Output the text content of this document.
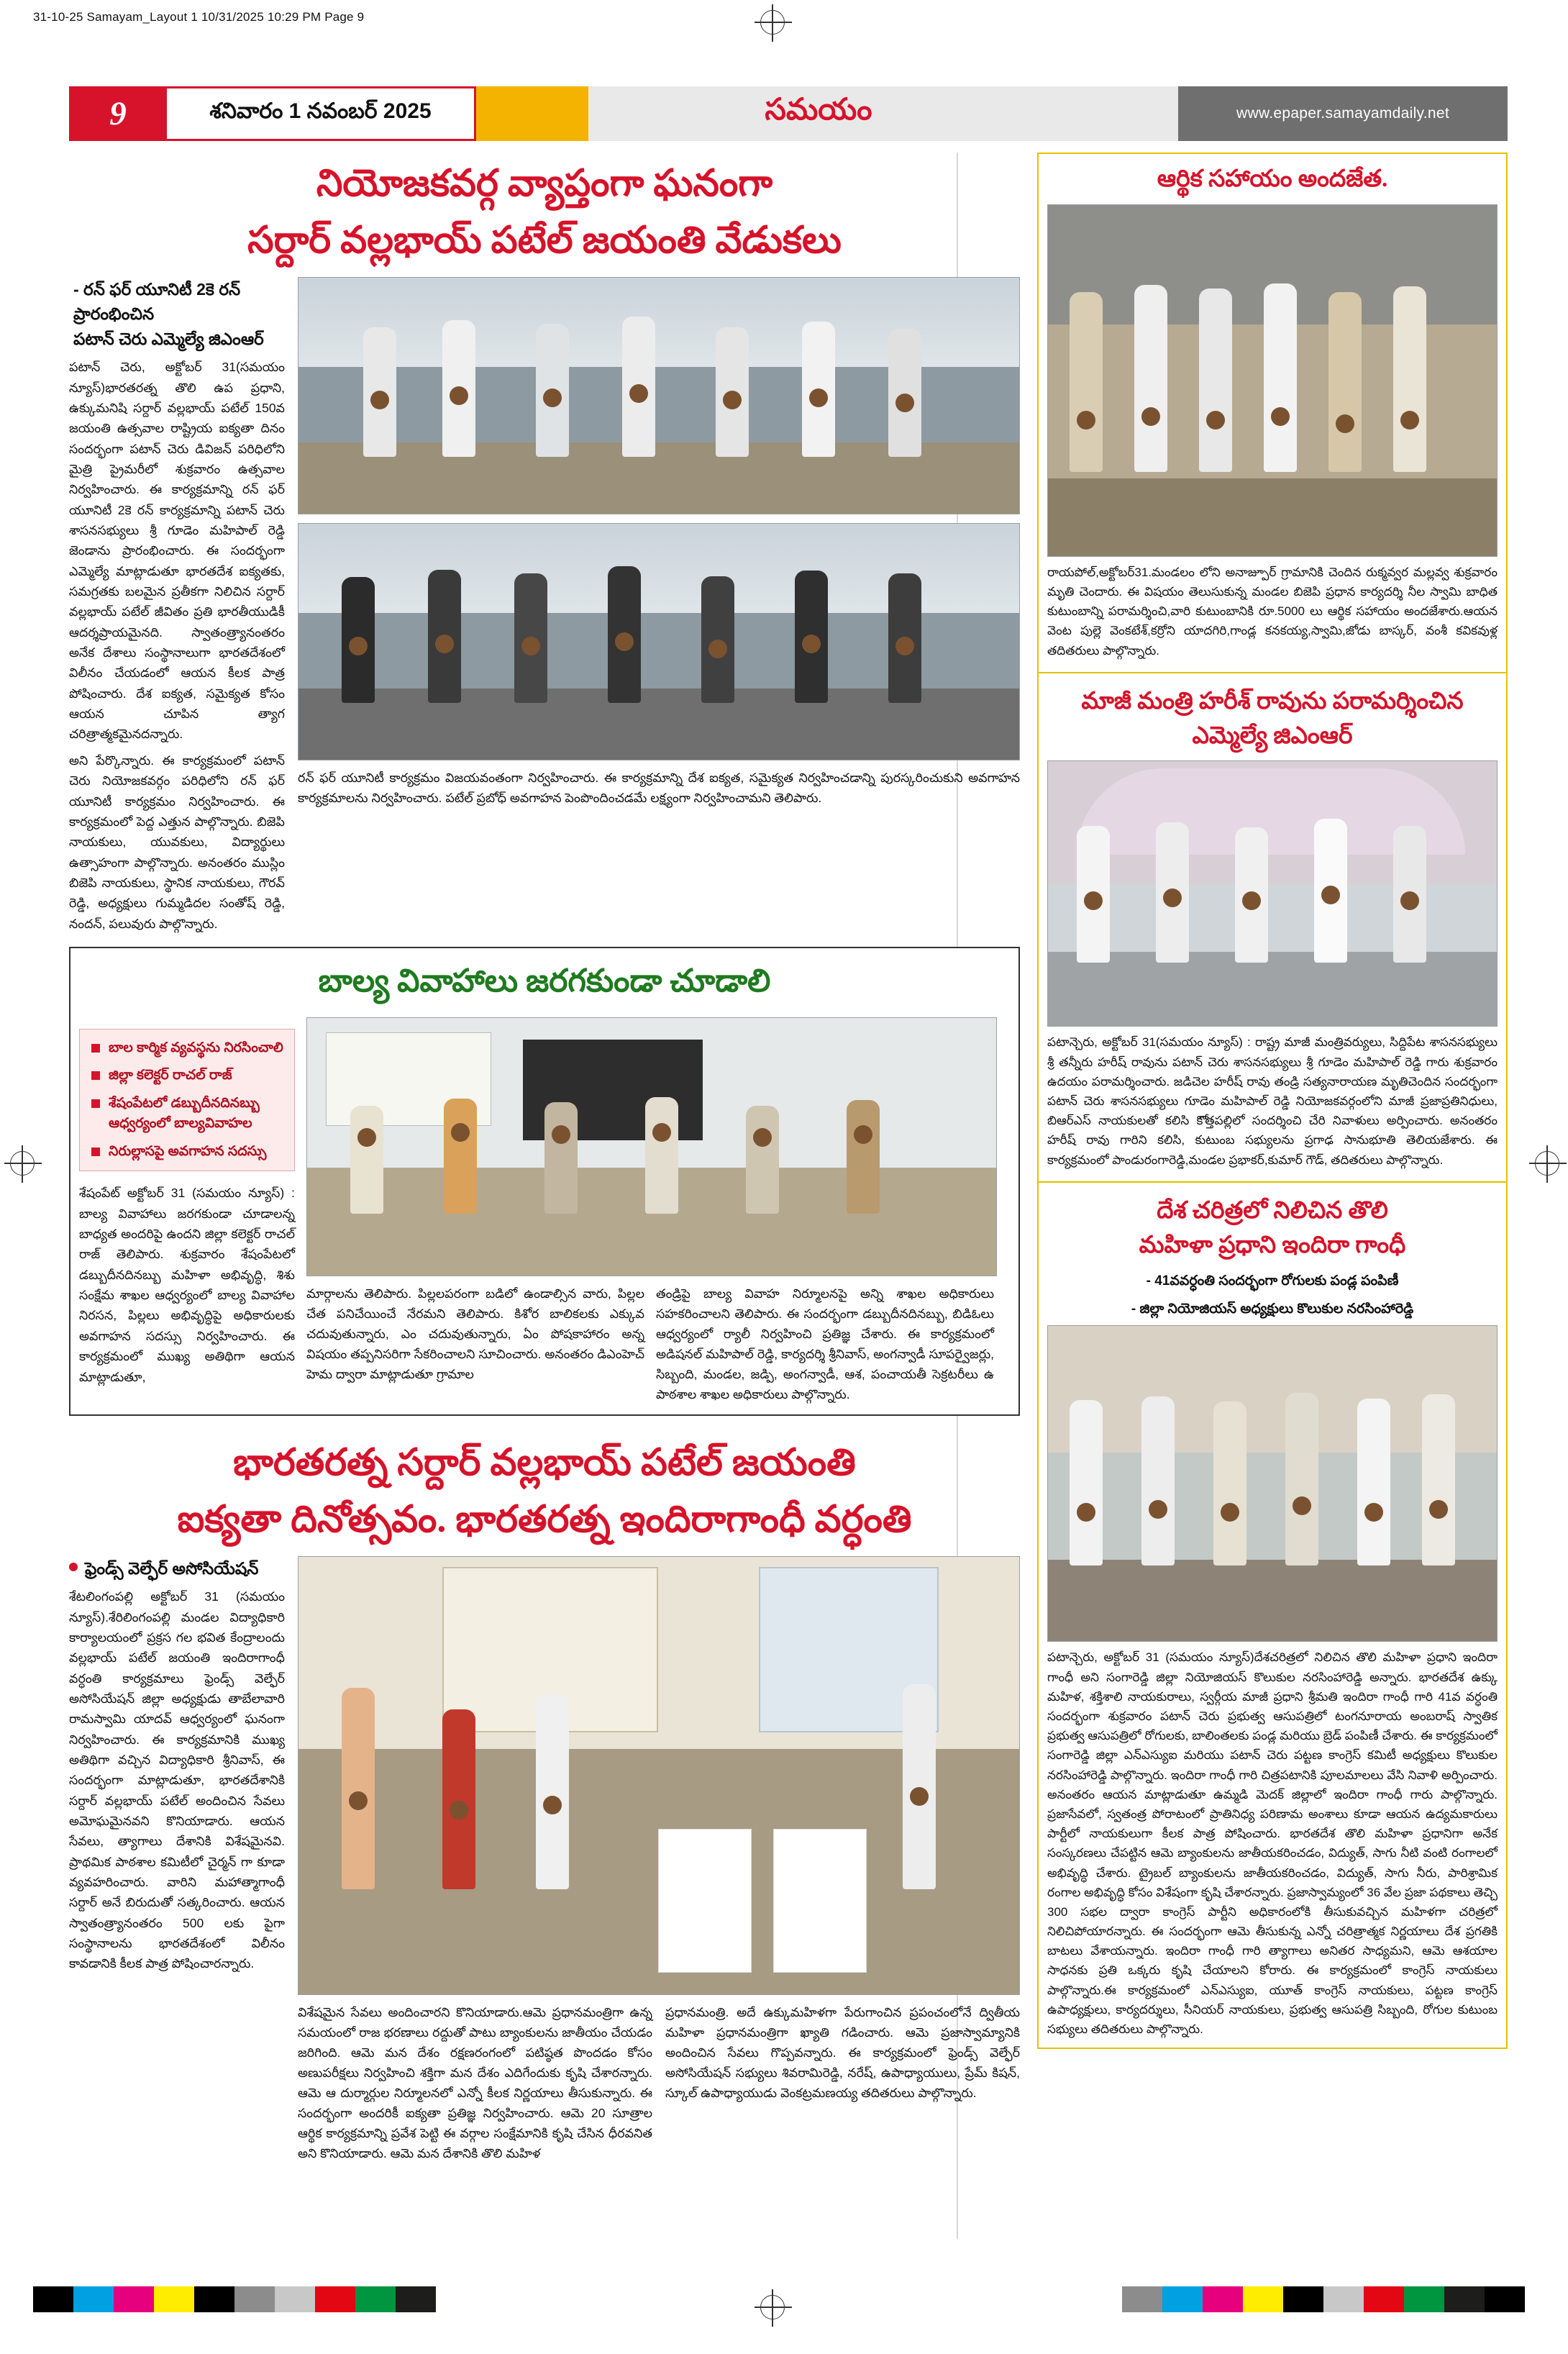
31-10-25 Samayam_Layout 1 10/31/2025 10:29 PM Page 9
9	శనివారం 1 నవంబర్ 2025	సమయం	www.epaper.samayamdaily.net
నియోజకవర్గ వ్యాప్తంగా ఘనంగా
సర్దార్ వల్లభాయ్ పటేల్ జయంతి వేడుకలు
- రన్ ఫర్ యూనిటీ 2కె రన్ ప్రారంభించిన
పటాన్ చెరు ఎమ్మెల్యే జిఎంఆర్
పటాన్ చెరు, అక్టోబర్ 31(సమయం న్యూస్)భారతరత్న తొలి ఉప ప్రధాని, ఉక్కుమనిషి సర్దార్ వల్లభాయ్ పటేల్ 150వ జయంతి ఉత్సవాల రాష్ట్రియ ఐక్యతా దినం సందర్భంగా పటాన్ చెరు డివిజన్ పరిధిలోని మైత్రి ప్రైమరీలో శుక్రవారం ఉత్సవాల నిర్వహించారు. ఈ కార్యక్రమాన్ని రన్ ఫర్ యూనిటీ 2కె రన్ కార్యక్రమాన్ని పటాన్ చెరు శాసనసభ్యులు శ్రీ గూడెం మహిపాల్ రెడ్డి జెండాను ప్రారంభించారు. ఈ సందర్భంగా ఎమ్మెల్యే మాట్లాడుతూ భారతదేశ ఐక్యతకు, సమగ్రతకు బలమైన ప్రతీకగా నిలిచిన సర్దార్ వల్లభాయ్ పటేల్ జీవితం ప్రతి భారతీయుడికీ ఆదర్శప్రాయమైనది. స్వాతంత్ర్యానంతరం అనేక దేశాలు సంస్థానాలుగా భారతదేశంలో విలీనం చేయడంలో ఆయన కీలక పాత్ర పోషించారు. దేశ ఐక్యత, సమైక్యత కోసం ఆయన చూపిన త్యాగ చరిత్రాత్మకమైనదన్నారు.
అని పేర్కొన్నారు. ఈ కార్యక్రమంలో పటాన్ చెరు నియోజకవర్గం పరిధిలోని రన్ ఫర్ యూనిటీ కార్యక్రమం నిర్వహించారు. ఈ కార్యక్రమంలో పెద్ద ఎత్తున పాల్గొన్నారు. బిజెపి నాయకులు, యువకులు, విద్యార్థులు ఉత్సాహంగా పాల్గొన్నారు. అనంతరం ముస్లిం బిజెపి నాయకులు, స్థానిక నాయకులు, గౌరవ్ రెడ్డి, అధ్యక్షులు గుమ్మడిదల సంతోష్ రెడ్డి, నందన్, పలువురు పాల్గొన్నారు.
రన్ ఫర్ యూనిటీ కార్యక్రమం విజయవంతంగా నిర్వహించారు. ఈ కార్యక్రమాన్ని దేశ ఐక్యత, సమైక్యత నిర్వహించడాన్ని పురస్కరించుకుని అవగాహన కార్యక్రమాలను నిర్వహించారు. పటేల్ ప్రబోధ్ అవగాహన పెంపొందించడమే లక్ష్యంగా నిర్వహించామని తెలిపారు.
బాల్య వివాహాలు జరగకుండా చూడాలి
బాల కార్మిక వ్యవస్థను నిరసించాలి
జిల్లా కలెక్టర్ రాచల్ రాజ్
శేషంపేటలో డబ్బుదీనదినబ్బు ఆధ్వర్యంలో బాల్యవివాహల
నిరుల్లాసపై అవగాహన సదస్సు
శేషంపేట్ అక్టోబర్ 31 (సమయం న్యూస్) : బాల్య వివాహాలు జరగకుండా చూడాలన్న బాధ్యత అందరిపై ఉందని జిల్లా కలెక్టర్ రాచల్ రాజ్ తెలిపారు. శుక్రవారం శేషంపేటలో డబ్బుదీనదినబ్బు మహిళా అభివృద్ధి, శిశు సంక్షేమ శాఖల ఆధ్వర్యంలో బాల్య వివాహాల నిరసన, పిల్లలు అభివృద్ధిపై అధికారులకు అవగాహన సదస్సు నిర్వహించారు. ఈ కార్యక్రమంలో ముఖ్య అతిథిగా ఆయన మాట్లాడుతూ,
మార్గాలను తెలిపారు. పిల్లలపరంగా బడిలో ఉండాల్సిన వారు, పిల్లల చేత పనిచేయించే నేరమని తెలిపారు. కిశోర బాలికలకు ఎక్కువ చదువుతున్నారు, ఎం చదువుతున్నారు, ఏం పోషకాహారం అన్న విషయం తప్పనిసరిగా సేకరించాలని సూచించారు. అనంతరం డిఎంహెచ్ హెమ ద్వారా మాట్లాడుతూ గ్రామాల
తండ్రిపై బాల్య వివాహ నిర్మూలనపై అన్ని శాఖల అధికారులు సహకరించాలని తెలిపారు. ఈ సందర్భంగా డబ్బుదీనదినబ్బు, బిడిఓలు ఆధ్వర్యంలో ర్యాలీ నిర్వహించి ప్రతిజ్ఞ చేశారు. ఈ కార్యక్రమంలో అడిషనల్ మహిపాల్ రెడ్డి, కార్యదర్శి శ్రీనివాస్, అంగన్వాడీ సూపర్వైజర్లు, సిబ్బంది, మండల, జడ్పి, అంగన్వాడీ, ఆశ, పంచాయతీ సెక్రటరీలు ఉ పాఠశాల శాఖల అధికారులు పాల్గొన్నారు.
భారతరత్న సర్దార్ వల్లభాయ్ పటేల్ జయంతి
ఐక్యతా దినోత్సవం. భారతరత్న ఇందిరాగాంధీ వర్ధంతి
ఫ్రెండ్స్ వెల్ఫేర్ అసోసియేషన్
శేటలింగంపల్లి అక్టోబర్ 31 (సమయం న్యూస్).శేరిలింగంపల్లి మండల విద్యాధికారి కార్యాలయంలో ప్రక్రస గల భవిత కేంద్రాలందు వల్లభాయ్ పటేల్ జయంతి ఇందిరాగాంధీ వర్ధంతి కార్యక్రమాలు ఫ్రెండ్స్ వెల్ఫేర్ అసోసియేషన్ జిల్లా అధ్యక్షుడు తాబేలావారి రామస్వామి యాదవ్ ఆధ్వర్యంలో ఘనంగా నిర్వహించారు. ఈ కార్యక్రమానికి ముఖ్య అతిథిగా వచ్చిన విద్యాధికారి శ్రీనివాస్, ఈ సందర్భంగా మాట్లాడుతూ, భారతదేశానికి సర్దార్ వల్లభాయ్ పటేల్ అందించిన సేవలు అమోఘమైనవని కొనియాడారు. ఆయన సేవలు, త్యాగాలు దేశానికి విశేషమైనవి. ప్రాథమిక పాఠశాల కమిటీలో చైర్మన్ గా కూడా వ్యవహరించారు. వారిని మహాత్మాగాంధీ సర్దార్ అనే బిరుదుతో సత్కరించారు. ఆయన స్వాతంత్ర్యానంతరం 500 లకు పైగా సంస్థానాలను భారతదేశంలో విలీనం కావడానికి కీలక పాత్ర పోషించారన్నారు.
విశేషమైన సేవలు అందించారని కొనియాడారు.ఆమె ప్రధానమంత్రిగా ఉన్న సమయంలో రాజ భరణాలు రద్దుతో పాటు బ్యాంకులను జాతీయం చేయడం జరిగింది. ఆమె మన దేశం రక్షణరంగంలో పటిష్ఠత పొందడం కోసం అణుపరీక్షలు నిర్వహించి శక్తిగా మన దేశం ఎదిగేందుకు కృషి చేశారన్నారు. ఆమె ఆ దుర్మార్గుల నిర్మూలనలో ఎన్నో కీలక నిర్ణయాలు తీసుకున్నారు. ఈ సందర్భంగా అందరికీ ఐక్యతా ప్రతిజ్ఞ నిర్వహించారు. ఆమె 20 సూత్రాల ఆర్థిక కార్యక్రమాన్ని ప్రవేశ పెట్టి ఈ వర్గాల సంక్షేమానికి కృషి చేసిన ధీరవనిత అని కొనియాడారు. ఆమె మన దేశానికి తొలి మహిళ
ప్రధానమంత్రి. అదే ఉక్కుమహిళగా పేరుగాంచిన ప్రపంచంలోనే ద్వితీయ మహిళా ప్రధానమంత్రిగా ఖ్యాతి గడించారు. ఆమె ప్రజాస్వామ్యానికి అందించిన సేవలు గొప్పవన్నారు. ఈ కార్యక్రమంలో ఫ్రెండ్స్ వెల్ఫేర్ అసోసియేషన్ సభ్యులు శివరామిరెడ్డి, నరేష్, ఉపాధ్యాయులు, ప్రేమ్ కిషన్, స్కూల్ ఉపాధ్యాయుడు వెంకట్రమణయ్య తదితరులు పాల్గొన్నారు.
ఆర్థిక సహాయం అందజేత.
రాయపోల్,అక్టోబర్31.మండలం లోని అనాజ్పూర్ గ్రామానికి చెందిన రుక్మవ్వర మల్లవ్వ శుక్రవారం మృతి చెందారు. ఈ విషయం తెలుసుకున్న మండల బిజెపి ప్రధాన కార్యదర్శి నీల స్వామి బాధిత కుటుంబాన్ని పరామర్శించి,వారి కుటుంబానికి రూ.5000 లు ఆర్థిక సహాయం అందజేశారు.ఆయన వెంట పుల్లె వెంకటేశ్,కర్రోని యాదగిరి,గాండ్ల కనకయ్య,స్వామి,జోడు బాస్కర్, వంశీ కవికవుళ్ల తదితరులు పాల్గొన్నారు.
మాజీ మంత్రి హరీశ్ రావును పరామర్శించిన ఎమ్మెల్యే జిఎంఆర్
పటాన్చెరు, అక్టోబర్ 31(సమయం న్యూస్) : రాష్ట్ర మాజీ మంత్రివర్యులు, సిద్దిపేట శాసనసభ్యులు శ్రీ తన్నీరు హరీష్ రావును పటాన్ చెరు శాసనసభ్యులు శ్రీ గూడెం మహిపాల్ రెడ్డి గారు శుక్రవారం ఉదయం పరామర్శించారు. జడిచెల హరీష్ రావు తండ్రి సత్యనారాయణ మృతిచెందిన సందర్భంగా పటాన్ చెరు శాసనసభ్యులు గూడెం మహిపాల్ రెడ్డి నియోజకవర్గంలోని మాజీ ప్రజాప్రతినిధులు, బిఆర్ఎస్ నాయకులతో కలిసి కొోత్తపల్లిలో సందర్శించి చేరి నివాళులు అర్పించారు. అనంతరం హరీష్ రావు గారిని కలిసి, కుటుంబ సభ్యులను ప్రగాఢ సానుభూతి తెలియజేశారు. ఈ కార్యక్రమంలో పాండురంగారెడ్డి,మండల ప్రభాకర్,కుమార్ గౌడ్, తదితరులు పాల్గొన్నారు.
దేశ చరిత్రలో నిలిచిన తొలి
మహిళా ప్రధాని ఇందిరా గాంధీ
- 41వవర్ధంతి సందర్భంగా రోగులకు పండ్ల పంపిణీ
- జిల్లా నియోజియస్ అధ్యక్షులు కొలుకుల నరసింహారెడ్డి
పటాన్చెరు, అక్టోబర్ 31 (సమయం న్యూస్)దేశచరిత్రలో నిలిచిన తొలి మహిళా ప్రధాని ఇందిరా గాంధీ అని సంగారెడ్డి జిల్లా నియోజియస్ కొలుకుల నరసింహారెడ్డి అన్నారు. భారతదేశ ఉక్కు మహిళ, శక్తిశాలి నాయకురాలు, స్వర్గీయ మాజీ ప్రధాని శ్రీమతి ఇందిరా గాంధీ గారి 41వ వర్ధంతి సందర్భంగా శుక్రవారం పటాన్ చెరు ప్రభుత్వ ఆసుపత్రిలో టంగనూరాయ అంబరాష్ స్వాతిక ప్రభుత్వ ఆసుపత్రిలో రోగులకు, బాలింతలకు పండ్ల మరియు బ్రెడ్ పంపిణీ చేశారు. ఈ కార్యక్రమంలో సంగారెడ్డి జిల్లా ఎన్ఎస్యుఐ మరియు పటాన్ చెరు పట్టణ కాంగ్రెస్ కమిటీ అధ్యక్షులు కొలుకుల నరసింహారెడ్డి పాల్గొన్నారు. ఇందిరా గాంధీ గారి చిత్రపటానికి పూలమాలలు వేసి నివాళి అర్పించారు. అనంతరం ఆయన మాట్లాడుతూ ఉమ్మడి మెదక్ జిల్లాలో ఇందిరా గాంధీ గారు పాల్గొన్నారు. ప్రజాసేవలో, స్వతంత్ర పోరాటంలో ప్రాతినిధ్య పరిణామ అంశాలు కూడా ఆయన ఉద్యమకారులు పార్టీలో నాయకులుగా కీలక పాత్ర పోషించారు. భారతదేశ తొలి మహిళా ప్రధానిగా అనేక సంస్కరణలు చేపట్టిన ఆమె బ్యాంకులను జాతీయకరించడం, విద్యుత్, సాగు నీటి వంటి రంగాలలో అభివృద్ధి చేశారు. ట్రైబల్ బ్యాంకులను జాతీయకరించడం, విద్యుత్, సాగు నీరు, పారిశ్రామిక రంగాల అభివృద్ధి కోసం విశేషంగా కృషి చేశారన్నారు. ప్రజాస్వామ్యంలో 36 వేల ప్రజా పథకాలు తెచ్చి 300 సభల ద్వారా కాంగ్రెస్ పార్టీని అధికారంలోకి తీసుకువచ్చిన మహిళగా చరిత్రలో నిలిచిపోయారన్నారు. ఈ సందర్భంగా ఆమె తీసుకున్న ఎన్నో చరిత్రాత్మక నిర్ణయాలు దేశ ప్రగతికి బాటలు వేశాయన్నారు. ఇందిరా గాంధీ గారి త్యాగాలు అనితర సాధ్యమని, ఆమె ఆశయాల సాధనకు ప్రతి ఒక్కరు కృషి చేయాలని కోరారు. ఈ కార్యక్రమంలో కాంగ్రెస్ నాయకులు పాల్గొన్నారు.ఈ కార్యక్రమంలో ఎన్ఎస్యుఐ, యూత్ కాంగ్రెస్ నాయకులు, పట్టణ కాంగ్రెస్ ఉపాధ్యక్షులు, కార్యదర్శులు, సీనియర్ నాయకులు, ప్రభుత్వ ఆసుపత్రి సిబ్బంది, రోగుల కుటుంబ సభ్యులు తదితరులు పాల్గొన్నారు.
